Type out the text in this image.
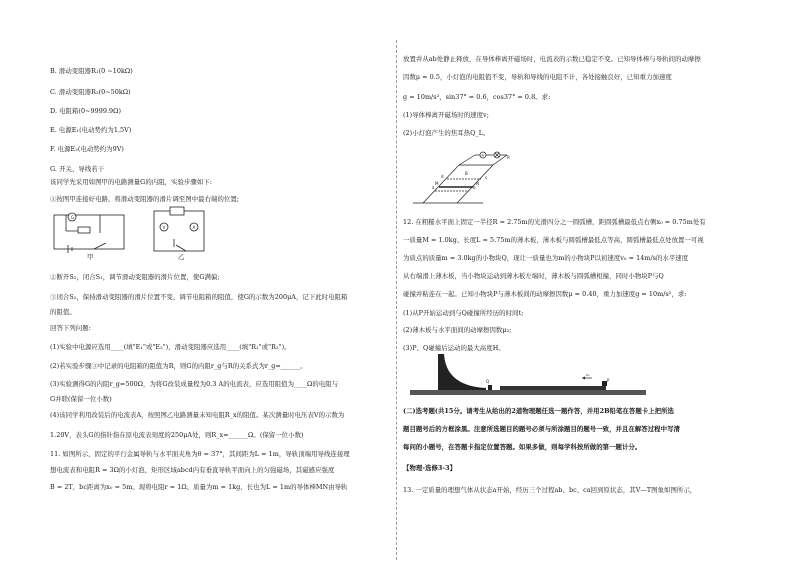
B. 滑动变阻器R₁(0 ~10kΩ)
C. 滑动变阻器R₂(0~50kΩ)
D. 电阻箱(0~9999.9Ω)
E. 电源E₁(电动势约为1.5V)
F. 电源E₂(电动势约为9V)
G. 开关、导线若干
该同学先采用如图甲的电路测量G的内阻，实验步骤如下:
①按图甲连接好电路，将滑动变阻器的滑片调至图中最右端的位置;
G
甲
V	A
乙
②断开S₂，闭合S₁，调节滑动变阻器的滑片位置，使G满偏;
③闭合S₂，保持滑动变阻器的滑片位置不变，调节电阻箱的阻值，使G的示数为200μA，记下此时电阻箱
的阻值。
回答下列问题:
(1)实验中电源应选用____(填"E₁"或"E₂")，滑动变阻器应选用____(填"R₁"或"R₂")。
(2)若实验步骤③中记录的电阻箱的阻值为R，则G的内阻r_g与R的关系式为r_g=______。
(3)实验测得G的内阻r_g=500Ω，为将G改装成量程为0.3 A的电流表，应选用阻值为____Ω的电阻与
G并联(保留一位小数)
(4)该同学利用改装后的电流表A，按照图乙电路测量未知电阻R_x的阻值。某次测量时电压表V的示数为
1.20V，表头G的指针指在原电流表刻度的250μA处，则R_x=______Ω。(保留一位小数)
11. 如图所示，固定的平行金属导轨与水平面夹角为θ = 37°，其间距为L = 1m，导轨顶端用导线连接理
想电流表和电阻R = 3Ω的小灯泡，矩形区域abcd内有垂直导轨平面向上的匀强磁场，其磁感应强度
B = 2T，bc距离为x₀ = 5m。现将电阻r = 1Ω、质量为m = 1kg、长也为L = 1m的导体棒MN由导轨
放置并从ab处静止释放，在导体棒离开磁场时，电流表的示数已稳定不变。已知导体棒与导轨间的动摩擦
因数μ = 0.5，小灯泡的电阻值不变，导轨和导线的电阻不计，各处接触良好，已知重力加速度
g = 10m/s²，sin37° = 0.6，cos37° = 0.8。求:
(1)导体棒离开磁场时的速度v;
(2)小灯泡产生的焦耳热Q_L。
A
a	b
c
d
M	N
B
R
12. 在粗糙水平面上固定一半径R = 2.75m的光滑四分之一圆弧槽，距圆弧槽最低点右侧x₀ = 0.75m处有
一质量M = 1.0kg、长度L = 5.75m的薄木板，薄木板与圆弧槽最低点等高，圆弧槽最低点处放置一可视
为质点的质量m = 3.0kg的小物块Q，现让一质量也为m的小物块P以初速度v₀ = 14m/s的水平速度
从右端滑上薄木板，当小物块运动到薄木板左端时，薄木板与圆弧槽相撞，同时小物块P与Q
碰撞并粘连在一起。已知小物块P与薄木板间的动摩擦因数μ = 0.40，重力加速度g = 10m/s²，求:
(1)从P开始运动到与Q碰撞所经历的时间t;
(2)薄木板与水平面间的动摩擦因数μ₂;
(3)P、Q碰撞后运动的最大高度H。
Q	P
v₀
(二)选考题(共15分。请考生从给出的2道物理题任选一题作答，并用2B铅笔在答题卡上把所选
题目题号后的方框涂黑。注意所选题目的题号必须与所涂题目的题号一致，并且在解答过程中写清
每问的小题号，在答题卡指定位置答题。如果多做，则每学科按所做的第一题计分。
【物理-选修3-3】
13. 一定质量的理想气体从状态a开始，经历三个过程ab、bc、ca回到原状态，其V—T图象如图所示，
